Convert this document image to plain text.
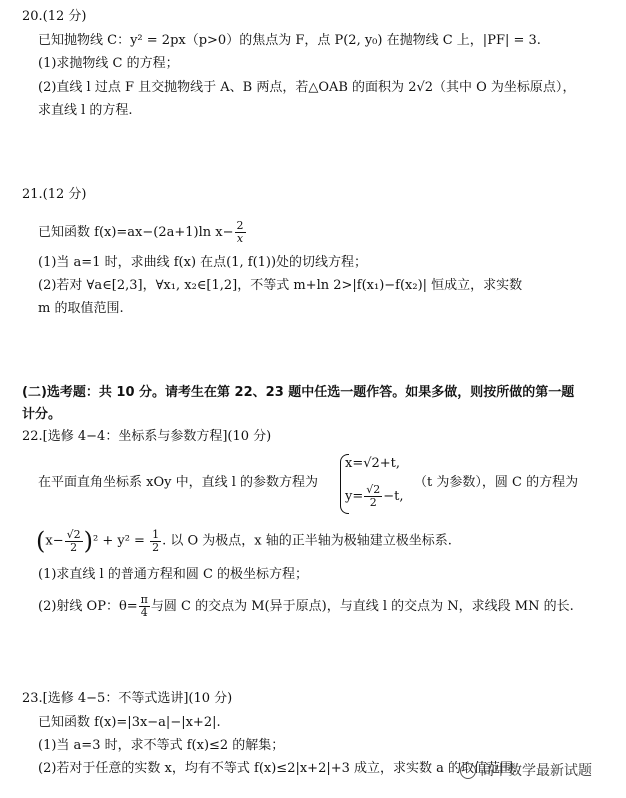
20.(12 分)
已知抛物线 C：y² = 2px（p>0）的焦点为 F，点 P(2, y₀) 在抛物线 C 上，|PF| = 3.
(1)求抛物线 C 的方程；
(2)直线 l 过点 F 且交抛物线于 A、B 两点，若△OAB 的面积为 2√2（其中 O 为坐标原点），
求直线 l 的方程.
21.(12 分)
已知函数 f(x)=ax−(2a+1)ln $x- \frac{2}{x}$
(1)当 a=1 时，求曲线 f(x) 在点(1, f(1))处的切线方程；
(2)若对 ∀a∈[2,3]，∀x₁, x₂∈[1,2]，不等式 m+ln 2>|f(x₁)−f(x₂)| 恒成立，求实数
m 的取值范围.
(二)选考题：共 10 分。请考生在第 22、23 题中任选一题作答。如果多做，则按所做的第一题
计分。
22.[选修 4−4：坐标系与参数方程](10 分)
在平面直角坐标系 xOy 中，直线 l 的参数方程为
x=√2+t,
$y= \frac{√2}{2} -t$,
（t 为参数），圆 C 的方程为
$(x- \frac{√2}{2} )^2 + y^2 = \frac{1}{2}$ . 以 O 为极点，x 轴的正半轴为极轴建立极坐标系.
(1)求直线 l 的普通方程和圆 C 的极坐标方程；
(2)射线 OP：$\theta= \frac{\pi}{4}$ 与圆 C 的交点为 M(异于原点)，与直线 l 的交点为 N，求线段 MN 的长.
23.[选修 4−5：不等式选讲](10 分)
已知函数 f(x)=|3x−a|−|x+2|.
(1)当 a=3 时，求不等式 f(x)≤2 的解集；
(2)若对于任意的实数 x，均有不等式 f(x)≤2|x+2|+3 成立，求实数 a 的取值范围.
高中数学最新试题
